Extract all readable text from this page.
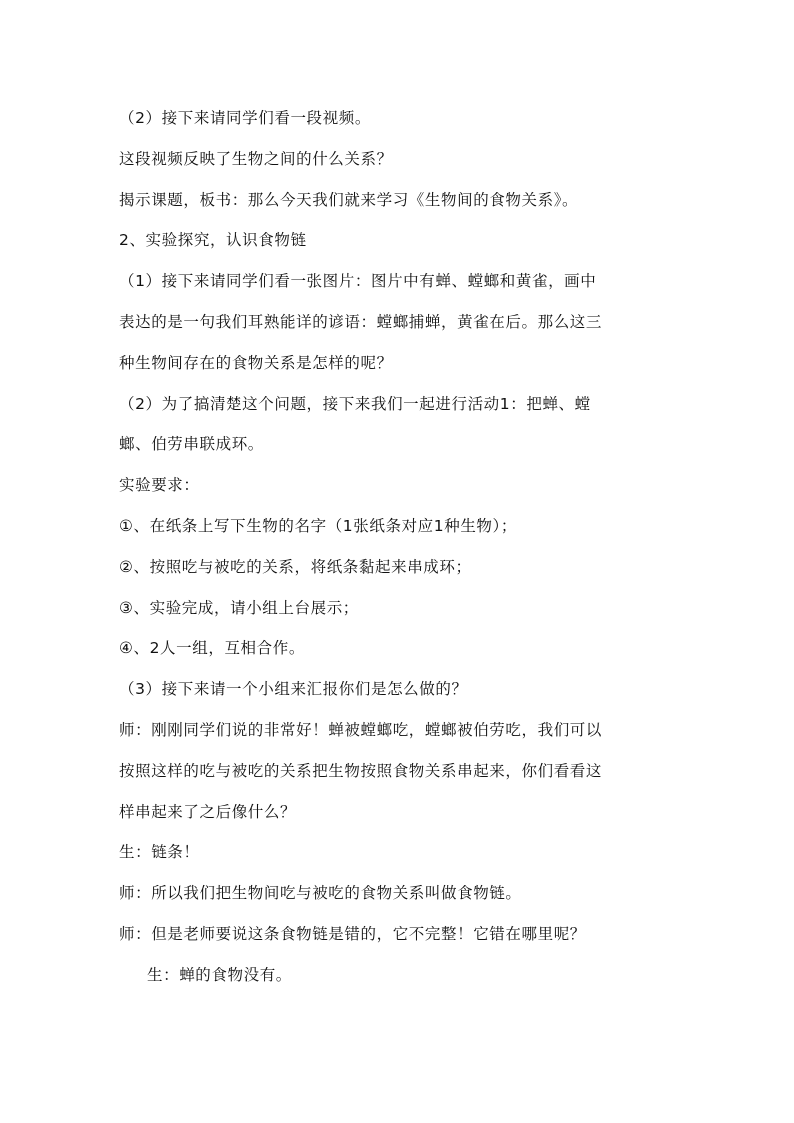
（2）接下来请同学们看一段视频。
这段视频反映了生物之间的什么关系？
揭示课题，板书：那么今天我们就来学习《生物间的食物关系》。
2、实验探究，认识食物链
（1）接下来请同学们看一张图片：图片中有蝉、螳螂和黄雀，画中
表达的是一句我们耳熟能详的谚语：螳螂捕蝉，黄雀在后。那么这三
种生物间存在的食物关系是怎样的呢？
（2）为了搞清楚这个问题，接下来我们一起进行活动1：把蝉、螳
螂、伯劳串联成环。
实验要求：
①、在纸条上写下生物的名字（1张纸条对应1种生物）；
②、按照吃与被吃的关系，将纸条黏起来串成环；
③、实验完成，请小组上台展示；
④、2人一组，互相合作。
（3）接下来请一个小组来汇报你们是怎么做的？
师：刚刚同学们说的非常好！蝉被螳螂吃，螳螂被伯劳吃，我们可以
按照这样的吃与被吃的关系把生物按照食物关系串起来，你们看看这
样串起来了之后像什么？
生：链条！
师：所以我们把生物间吃与被吃的食物关系叫做食物链。
师：但是老师要说这条食物链是错的，它不完整！它错在哪里呢？
生：蝉的食物没有。
